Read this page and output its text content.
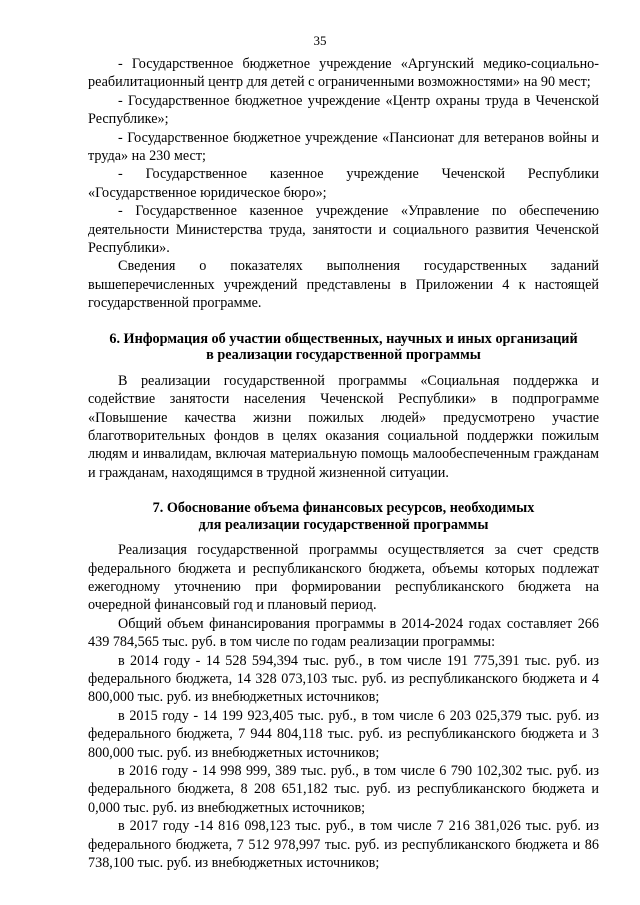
35

- Государственное бюджетное учреждение «Аргунский медико-социально-реабилитационный центр для детей с ограниченными возможностями» на 90 мест;

- Государственное бюджетное учреждение «Центр охраны труда в Чеченской Республике»;

- Государственное бюджетное учреждение «Пансионат для ветеранов войны и труда» на 230 мест;

- Государственное казенное учреждение Чеченской Республики «Государственное юридическое бюро»;

- Государственное казенное учреждение «Управление по обеспечению деятельности Министерства труда, занятости и социального развития Чеченской Республики».

Сведения о показателях выполнения государственных заданий вышеперечисленных учреждений представлены в Приложении 4 к настоящей государственной программе.

6. Информация об участии общественных, научных и иных организаций
в реализации государственной программы

В реализации государственной программы «Социальная поддержка и содействие занятости населения Чеченской Республики» в подпрограмме «Повышение качества жизни пожилых людей» предусмотрено участие благотворительных фондов в целях оказания социальной поддержки пожилым людям и инвалидам, включая материальную помощь малообеспеченным гражданам и гражданам, находящимся в трудной жизненной ситуации.

7. Обоснование объема финансовых ресурсов, необходимых
для реализации государственной программы

Реализация государственной программы осуществляется за счет средств федерального бюджета и республиканского бюджета, объемы которых подлежат ежегодному уточнению при формировании республиканского бюджета на очередной финансовый год и плановый период.

Общий объем финансирования программы в 2014-2024 годах составляет 266 439 784,565 тыс. руб. в том числе по годам реализации программы:

в 2014 году - 14 528 594,394 тыс. руб., в том числе 191 775,391 тыс. руб. из федерального бюджета, 14 328 073,103 тыс. руб. из республиканского бюджета и 4 800,000 тыс. руб. из внебюджетных источников;

в 2015 году - 14 199 923,405 тыс. руб., в том числе 6 203 025,379 тыс. руб. из федерального бюджета, 7 944 804,118 тыс. руб. из республиканского бюджета и 3 800,000 тыс. руб. из внебюджетных источников;

в 2016 году - 14 998 999, 389 тыс. руб., в том числе 6 790 102,302 тыс. руб. из федерального бюджета, 8 208 651,182 тыс. руб. из республиканского бюджета и 0,000 тыс. руб. из внебюджетных источников;

в 2017 году -14 816 098,123 тыс. руб., в том числе 7 216 381,026 тыс. руб. из федерального бюджета, 7 512 978,997 тыс. руб. из республиканского бюджета и 86 738,100 тыс. руб. из внебюджетных источников;
